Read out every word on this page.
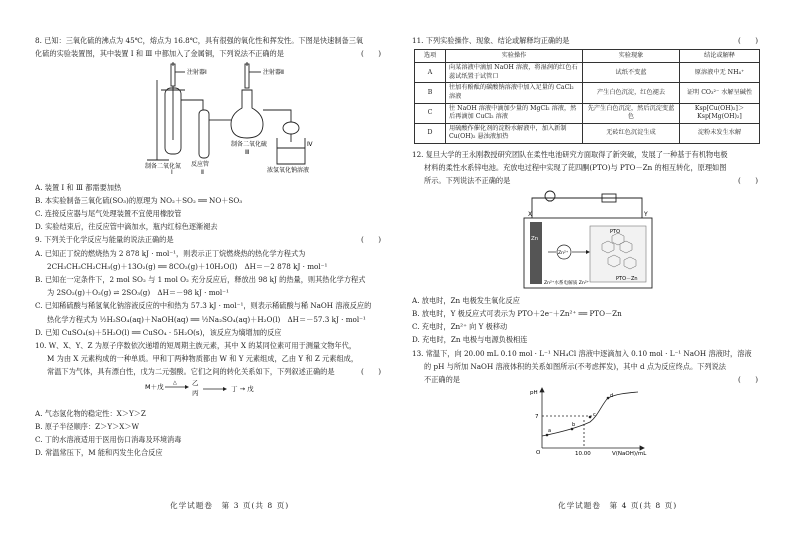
8. 已知：三氧化硫的沸点为 45℃，熔点为 16.8℃，具有很强的氧化性和挥发性。下图是快速制备三氧
(　　)
化硫的实验装置图，其中装置 Ⅰ 和 Ⅲ 中都加入了金属铜，下列说法不正确的是
注射器Ⅰ	注射器Ⅱ
制备二氧化硫
制备二氧化氮 反应管
浓氢氧化钠溶液
Ⅰ	Ⅱ
Ⅲ
Ⅳ
A. 装置 Ⅰ 和 Ⅲ 都需要加热
B. 本实验制备三氧化硫(SO₃)的原理为 NO₂＋SO₂ ══ NO＋SO₃
C. 连接反应器与尾气处理装置不宜使用橡胶管
D. 实验结束后，往反应管中滴加水，瓶内红棕色逐渐褪去
(　　)
9. 下列关于化学反应与能量的说法正确的是
A. 已知正丁烷的燃烧热为 2 878 kJ · mol⁻¹，则表示正丁烷燃烧热的热化学方程式为
2CH₃CH₂CH₂CH₃(g)＋13O₂(g) ══ 8CO₂(g)＋10H₂O(l)　ΔH＝－2 878 kJ · mol⁻¹
B. 已知在一定条件下，2 mol SO₂ 与 1 mol O₂ 充分反应后，释放出 98 kJ 的热量，则其热化学方程式
为 2SO₂(g)＋O₂(g) ⇌ 2SO₃(g)　ΔH＝－98 kJ · mol⁻¹
C. 已知稀硫酸与稀氢氧化钠溶液反应的中和热为 57.3 kJ · mol⁻¹，则表示稀硫酸与稀 NaOH 溶液反应的
热化学方程式为 ½H₂SO₄(aq)＋NaOH(aq) ══ ½Na₂SO₄(aq)＋H₂O(l)　ΔH＝－57.3 kJ · mol⁻¹
D. 已知 CuSO₄(s)＋5H₂O(l) ══ CuSO₄ · 5H₂O(s)，该反应为熵增加的反应
10. W、X、Y、Z 为原子序数依次递增的短周期主族元素，其中 X 的某同位素可用于测量文物年代，
M 为由 X 元素构成的一种单质。甲和丁两种物质都由 W 和 Y 元素组成，乙由 Y 和 Z 元素组成，
(　　)
常温下为气体，具有漂白性，戊为二元强酸。它们之间的转化关系如下，下列叙述正确的是
M＋戊 △ 乙
丙	丁 → 戊
A. 气态氢化物的稳定性：X＞Y＞Z
B. 原子半径顺序：Z＞Y＞X＞W
C. 丁的水溶液适用于医用伤口消毒及环境消毒
D. 常温常压下，M 能和丙发生化合反应
(　　)
11. 下列实验操作、现象、结论或解释均正确的是
选项	实验操作	实验现象	结论或解释
A	向某溶液中滴加 NaOH 溶液，将湿润的红色石蕊试纸置于试管口	试纸不变蓝	原溶液中无 NH₄⁺
B	往加有酚酞的碳酸钠溶液中加入足量的 CaCl₂ 溶液	产生白色沉淀，红色褪去	证明 CO₃²⁻ 水解呈碱性
C	往 NaOH 溶液中滴加少量的 MgCl₂ 溶液，然后再滴加 CuCl₂ 溶液	先产生白色沉淀，然后沉淀变蓝色	Ksp[Cu(OH)₂]＞Ksp[Mg(OH)₂]
D	用硫酸作催化剂的淀粉水解液中，加入新制 Cu(OH)₂ 悬浊液加热	无砖红色沉淀生成	淀粉未发生水解
12. 复旦大学的王永刚教授研究团队在柔性电池研究方面取得了新突破，发展了一种基于有机物电极
材料的柔性水系锌电池。充放电过程中实现了芘四酮(PTO)与 PTO－Zn 的相互转化，原理如图
(　　)
所示。下列说法不正确的是
X	Y
Zn
Zn²⁺
PTO
PTO－Zn
Zn²⁺水系电解质 Zn²⁺
A. 放电时，Zn 电极发生氧化反应
B. 放电时，Y 极反应式可表示为 PTO＋2e⁻＋Zn²⁺ ══ PTO－Zn
C. 充电时，Zn²⁺ 向 Y 极移动
D. 充电时，Zn 电极与电源负极相连
13. 常温下，向 20.00 mL 0.10 mol · L⁻¹ NH₄Cl 溶液中逐滴加入 0.10 mol · L⁻¹ NaOH 溶液时，溶液
的 pH 与所加 NaOH 溶液体积的关系如图所示(不考虑挥发)，其中 d 点为反应终点。下列说法
(　　)
不正确的是
pH
7
O	10.00	V(NaOH)/mL
a
b
c
d
化学试题卷　第 3 页(共 8 页)	化学试题卷　第 4 页(共 8 页)
